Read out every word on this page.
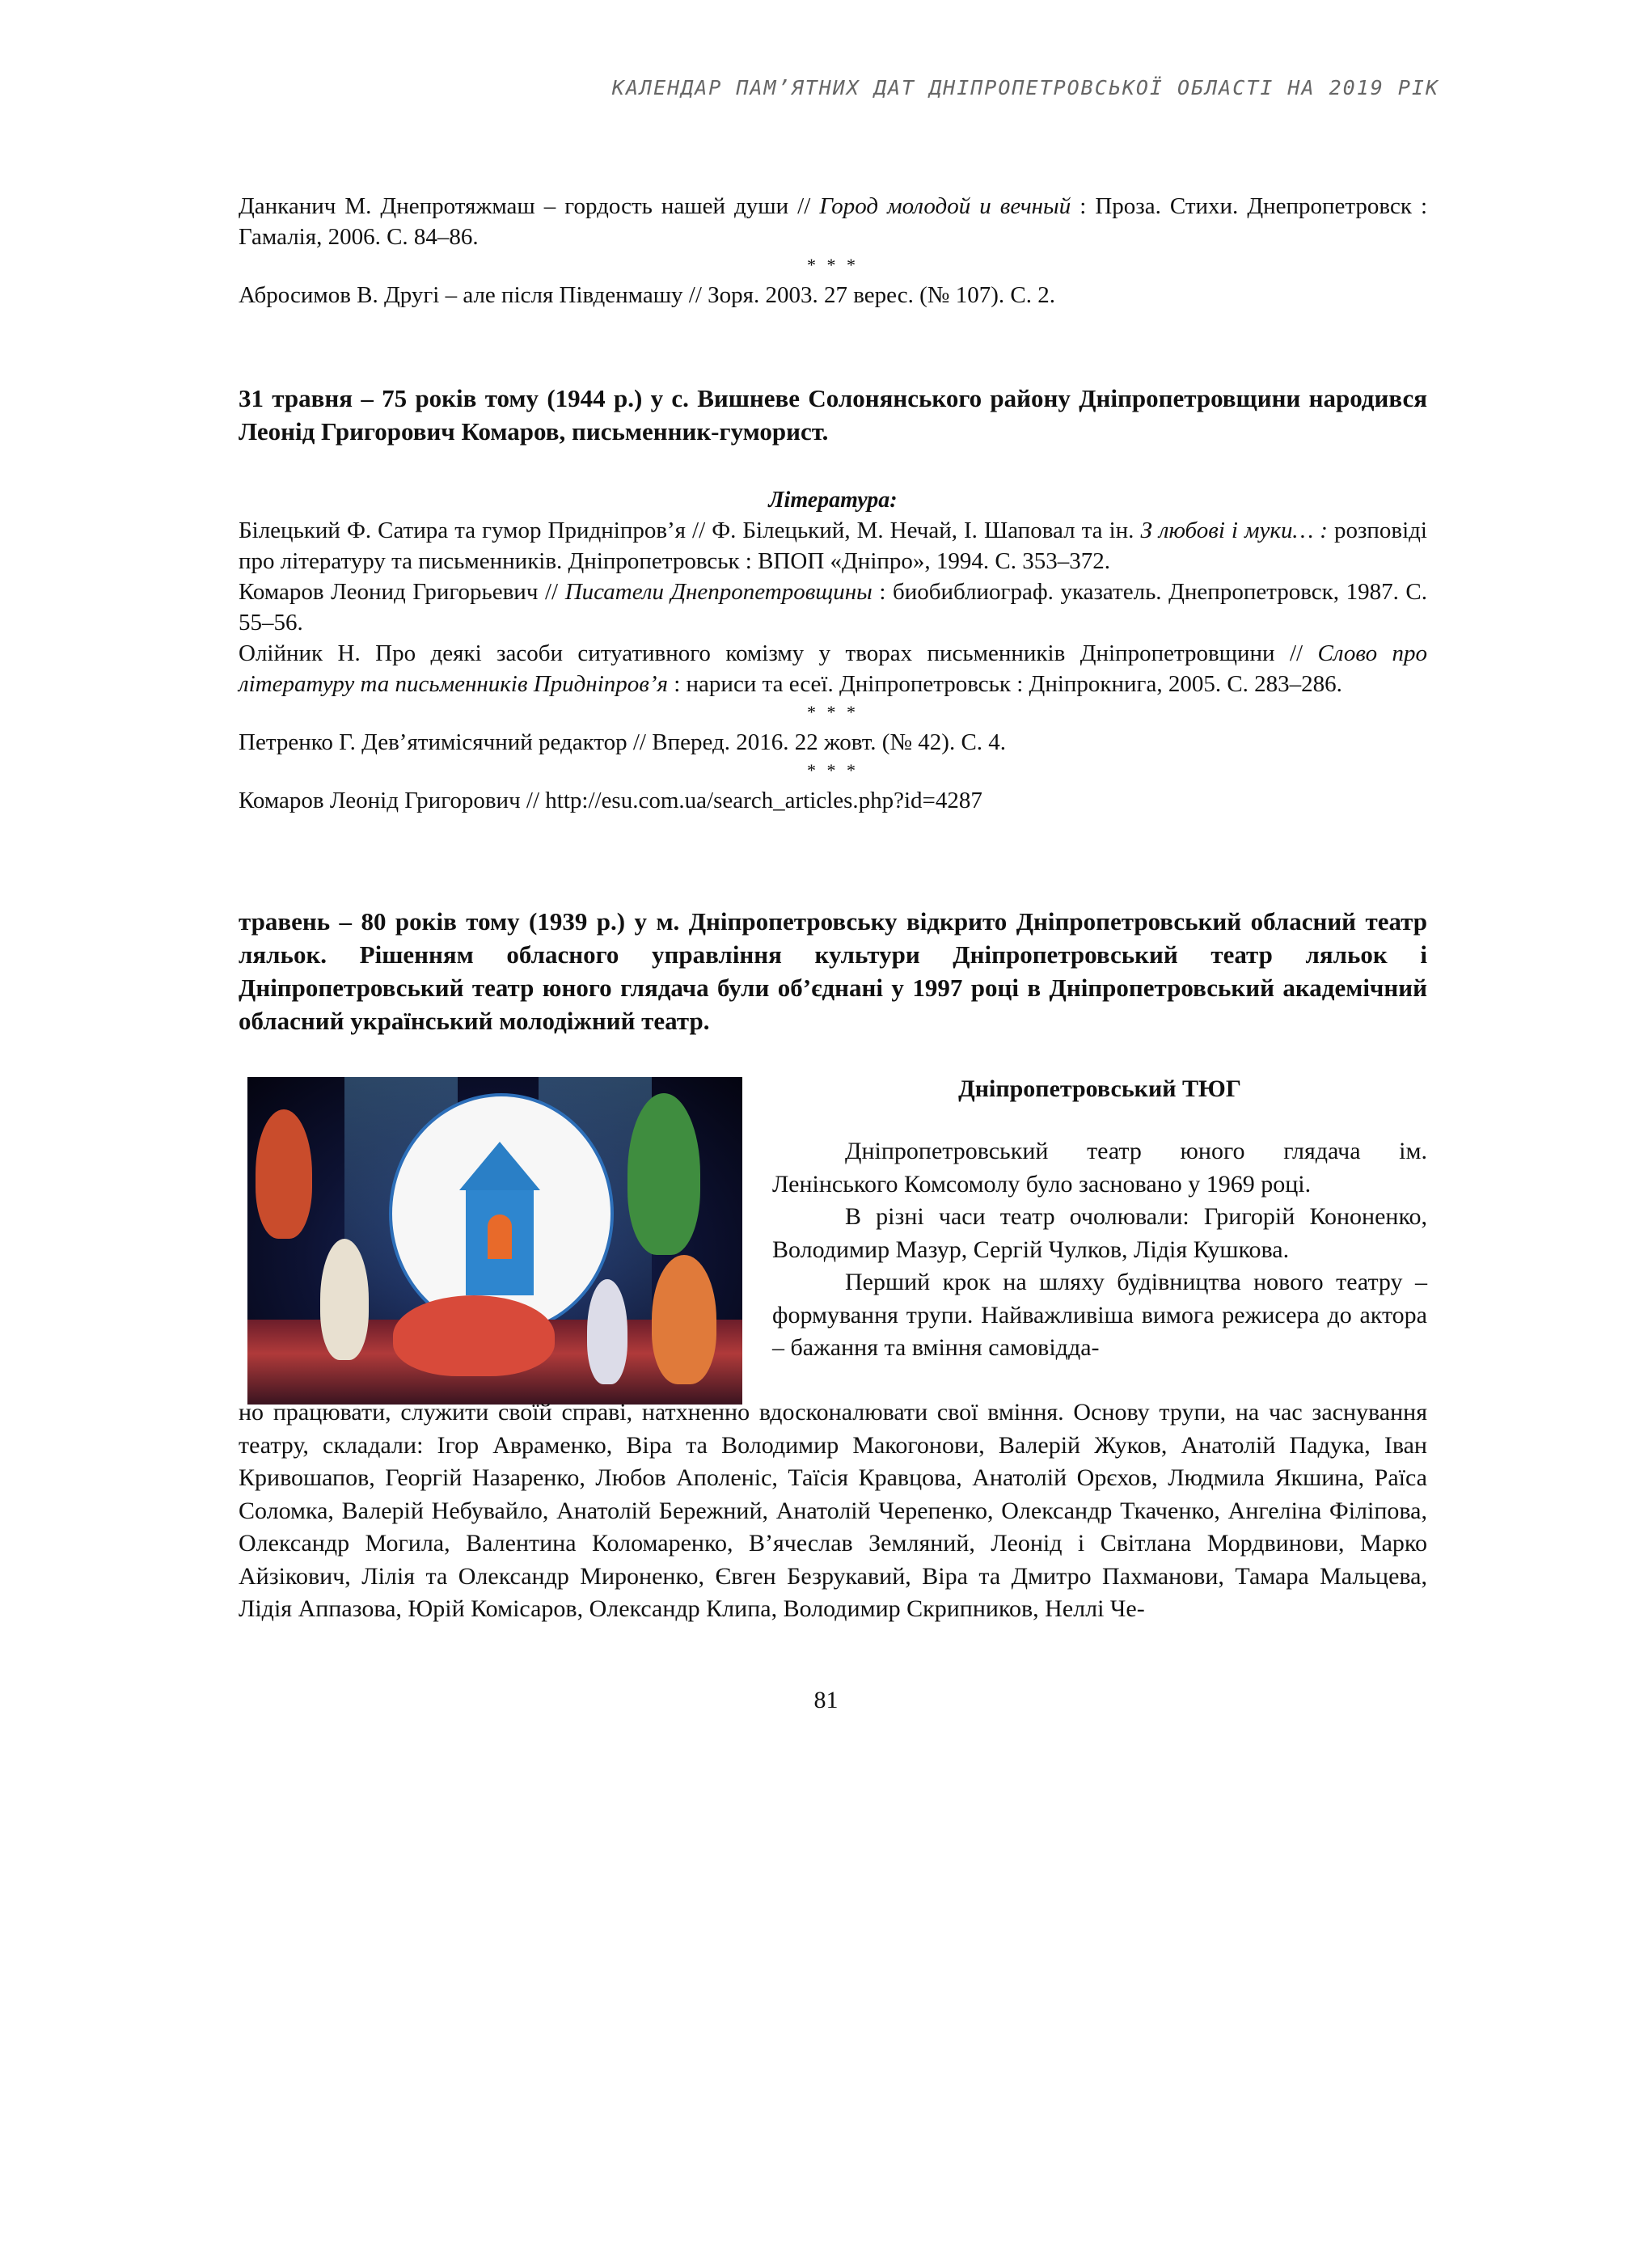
КАЛЕНДАР ПАМ’ЯТНИХ ДАТ ДНІПРОПЕТРОВСЬКОЇ ОБЛАСТІ НА 2019 РІК

Данканич М. Днепротяжмаш – гордость нашей души // Город молодой и вечный : Проза. Стихи. Днепропетровск : Гамалія, 2006. С. 84–86.

* * *

Абросимов В. Другі – але після Південмашу // Зоря. 2003. 27 верес. (№ 107). С. 2.

31 травня – 75 років тому (1944 р.) у с. Вишневе Солонянського району Дніпропетровщини народився Леонід Григорович Комаров, письменник-гуморист.

Література:

Білецький Ф. Сатира та гумор Придніпров’я // Ф. Білецький, М. Нечай, І. Шаповал та ін. З любові і муки… : розповіді про літературу та письменників. Дніпропетровськ : ВПОП «Дніпро», 1994. С. 353–372.

Комаров Леонид Григорьевич // Писатели Днепропетровщины : биобиблиограф. указатель. Днепропетровск, 1987. С. 55–56.

Олійник Н. Про деякі засоби ситуативного комізму у творах письменників Дніпропетровщини // Слово про літературу та письменників Придніпров’я : нариси та есеї. Дніпропетровськ : Дніпрокнига, 2005. С. 283–286.

* * *

Петренко Г. Дев’ятимісячний редактор // Вперед. 2016. 22 жовт. (№ 42). С. 4.

* * *

Комаров Леонід Григорович // http://esu.com.ua/search_articles.php?id=4287

травень – 80 років тому (1939 р.) у м. Дніпропетровську відкрито Дніпропетровський обласний театр ляльок. Рішенням обласного управління культури Дніпропетровський театр ляльок і Дніпропетровський театр юного глядача були об’єднані у 1997 році в Дніпропетровський академічний обласний український молодіжний театр.

Дніпропетровський ТЮГ

Дніпропетровський театр юного глядача ім. Ленінського Комсомолу було засновано у 1969 році.

В різні часи театр очолювали: Григорій Кононенко, Володимир Мазур, Сергій Чулков, Лідія Кушкова.

Перший крок на шляху будівництва нового театру – формування трупи. Найважливіша вимога режисера до актора – бажання та вміння самовідда-

но працювати, служити своїй справі, натхненно вдосконалювати свої вміння. Основу трупи, на час заснування театру, складали: Ігор Авраменко, Віра та Володимир Макогонови, Валерій Жуков, Анатолій Падука, Іван Кривошапов, Георгій Назаренко, Любов Аполеніс, Таїсія Кравцова, Анатолій Орєхов, Людмила Якшина, Раїса Соломка, Валерій Небувайло, Анатолій Бережний, Анатолій Черепенко, Олександр Ткаченко, Ангеліна Філіпова, Олександр Могила, Валентина Коломаренко, В’ячеслав Земляний, Леонід і Світлана Мордвинови, Марко Айзікович, Лілія та Олександр Мироненко, Євген Безрукавий, Віра та Дмитро Пахманови, Тамара Мальцева, Лідія Аппазова, Юрій Комісаров, Олександр Клипа, Володимир Скрипников, Неллі Че-

81
